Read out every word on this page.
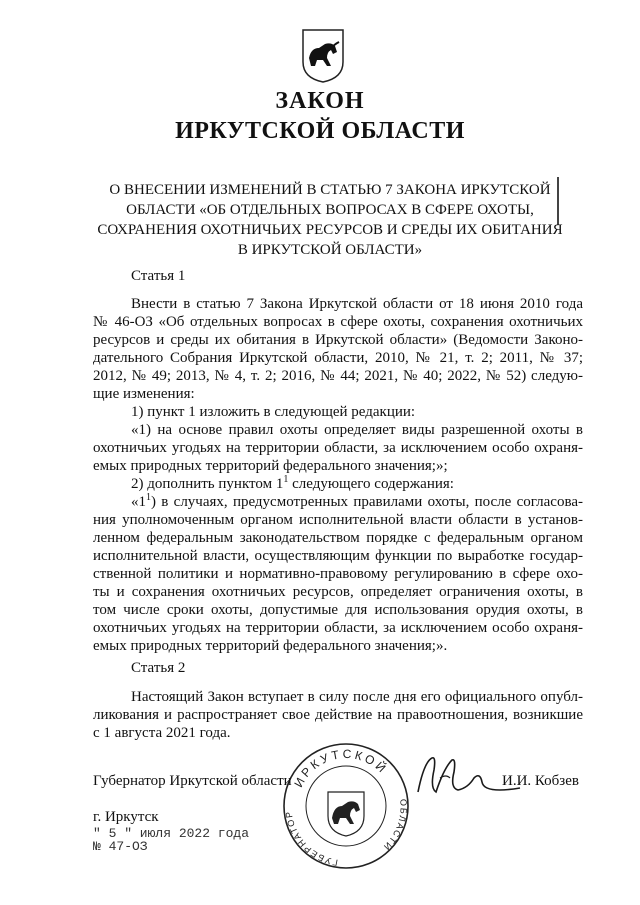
ЗАКОН
ИРКУТСКОЙ ОБЛАСТИ
О ВНЕСЕНИИ ИЗМЕНЕНИЙ В СТАТЬЮ 7 ЗАКОНА ИРКУТСКОЙ
ОБЛАСТИ «ОБ ОТДЕЛЬНЫХ ВОПРОСАХ В СФЕРЕ ОХОТЫ,
СОХРАНЕНИЯ ОХОТНИЧЬИХ РЕСУРСОВ И СРЕДЫ ИХ ОБИТАНИЯ
В ИРКУТСКОЙ ОБЛАСТИ»
Статья 1
Внести в статью 7 Закона Иркутской области от 18 июня 2010 года
№ 46-ОЗ «Об отдельных вопросах в сфере охоты, сохранения охотничьих
ресурсов и среды их обитания в Иркутской области» (Ведомости Законо-
дательного Собрания Иркутской области, 2010, № 21, т. 2; 2011, № 37;
2012, № 49; 2013, № 4, т. 2; 2016, № 44; 2021, № 40; 2022, № 52) следую-
щие изменения:
1) пункт 1 изложить в следующей редакции:
«1) на основе правил охоты определяет виды разрешенной охоты в
охотничьих угодьях на территории области, за исключением особо охраня-
емых природных территорий федерального значения;»;
2) дополнить пунктом $1^1$ следующего содержания:
«$1^1$) в случаях, предусмотренных правилами охоты, после согласова-
ния уполномоченным органом исполнительной власти области в установ-
ленном федеральным законодательством порядке с федеральным органом
исполнительной власти, осуществляющим функции по выработке государ-
ственной политики и нормативно-правовому регулированию в сфере охо-
ты и сохранения охотничьих ресурсов, определяет ограничения охоты, в
том числе сроки охоты, допустимые для использования орудия охоты, в
охотничьих угодьях на территории области, за исключением особо охраня-
емых природных территорий федерального значения;».
Статья 2
Настоящий Закон вступает в силу после дня его официального опубл-
ликования и распространяет свое действие на правоотношения, возникшие
с 1 августа 2021 года.
ИРКУТСКОЙ
ГУБЕРНАТОР
ОБЛАСТИ
Губернатор Иркутской области	И.И. Кобзев
г. Иркутск
" 5 " июля 2022 года
№ 47-ОЗ
